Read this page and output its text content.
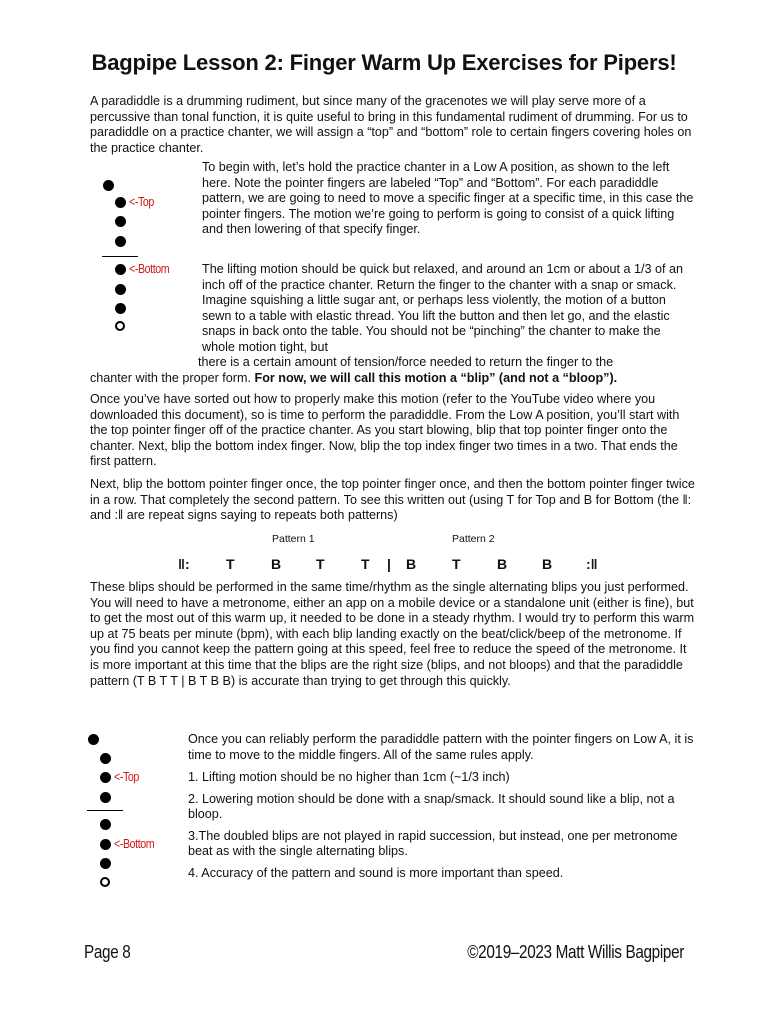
Bagpipe Lesson 2: Finger Warm Up Exercises for Pipers!

A paradiddle is a drumming rudiment, but since many of the gracenotes we will play serve more of a percussive than tonal function, it is quite useful to bring in this fundamental rudiment of drumming. For us to paradiddle on a practice chanter, we will assign a “top” and “bottom” role to certain fingers covering holes on the practice chanter.

<-Top
<-Bottom

To begin with, let’s hold the practice chanter in a Low A position, as shown to the left here. Note the pointer fingers are labeled “Top” and “Bottom”. For each paradiddle pattern, we are going to need to move a specific finger at a specific time, in this case the pointer fingers. The motion we’re going to perform is going to consist of a quick lifting and then lowering of that specify finger.

The lifting motion should be quick but relaxed, and around an 1cm or about a 1/3 of an inch off of the practice chanter. Return the finger to the chanter with a snap or smack. Imagine squishing a little sugar ant, or perhaps less violently, the motion of a button sewn to a table with elastic thread. You lift the button and then let go, and the elastic snaps in back onto the table. You should not be “pinching” the chanter to make the whole motion tight, but

there is a certain amount of tension/force needed to return the finger to the

chanter with the proper form. For now, we will call this motion a “blip” (and not a “bloop”).

Once you’ve have sorted out how to properly make this motion (refer to the YouTube video where you downloaded this document), so is time to perform the paradiddle. From the Low A position, you’ll start with the top pointer finger off of the practice chanter. As you start blowing, blip that top pointer finger onto the chanter. Next, blip the bottom index finger. Now, blip the top index finger two times in a two. That ends the first pattern.

Next, blip the bottom pointer finger once, the top pointer finger once, and then the bottom pointer finger twice in a row. That completely the second pattern. To see this written out (using T for Top and B for Bottom (the ‖: and :‖ are repeat signs saying to repeats both patterns)

Pattern 1	Pattern 2
‖:	T	B T	T | B	T	B B :‖

These blips should be performed in the same time/rhythm as the single alternating blips you just performed. You will need to have a metronome, either an app on a mobile device or a standalone unit (either is fine), but to get the most out of this warm up, it needed to be done in a steady rhythm. I would try to perform this warm up at 75 beats per minute (bpm), with each blip landing exactly on the beat/click/beep of the metronome. If you find you cannot keep the pattern going at this speed, feel free to reduce the speed of the metronome. It is more important at this time that the blips are the right size (blips, and not bloops) and that the paradiddle pattern (T B T T | B T B B) is accurate than trying to get through this quickly.

<-Top
<-Bottom

Once you can reliably perform the paradiddle pattern with the pointer fingers on Low A, it is time to move to the middle fingers. All of the same rules apply.

1. Lifting motion should be no higher than 1cm (~1/3 inch)

2. Lowering motion should be done with a snap/smack. It should sound like a blip, not a bloop.

3.The doubled blips are not played in rapid succession, but instead, one per metronome beat as with the single alternating blips.

4. Accuracy of the pattern and sound is more important than speed.

Page 8	©2019–2023 Matt Willis Bagpiper
